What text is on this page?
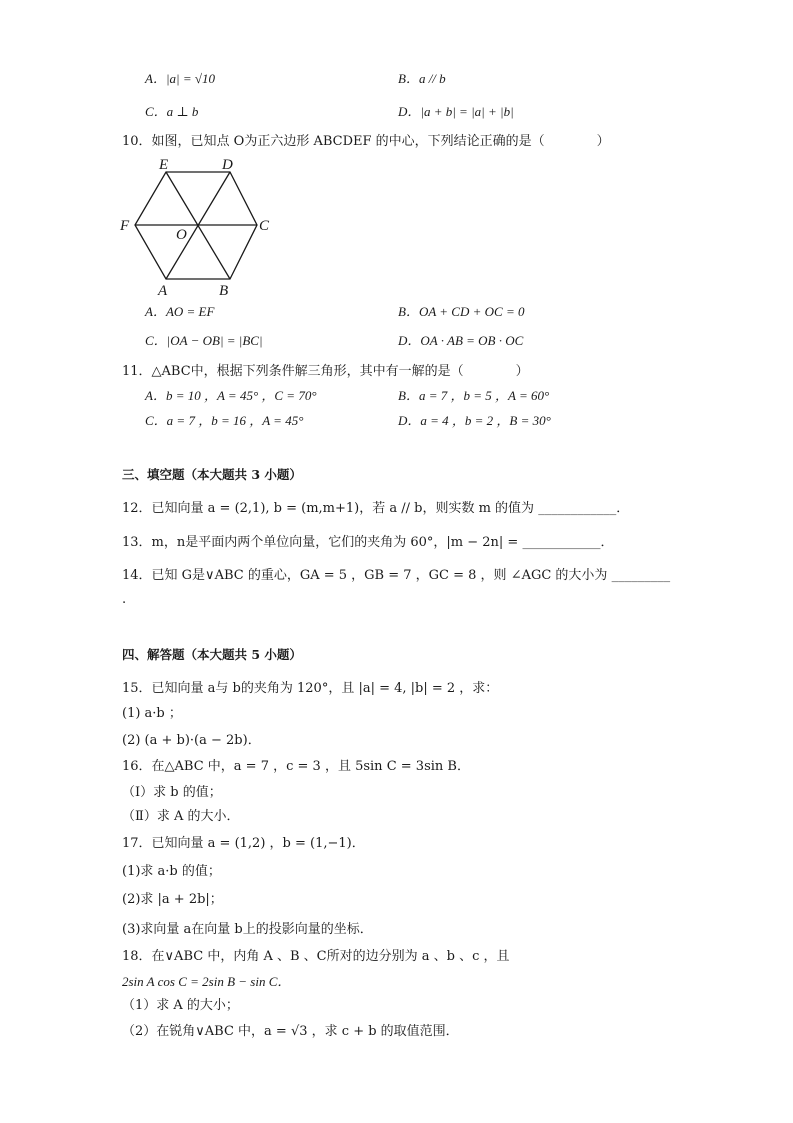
A．|a| = √10	B．a // b
C．a ⊥ b	D．|a + b| = |a| + |b|
10．如图，已知点 O为正六边形 ABCDEF 的中心，下列结论正确的是（　　　　）
E	D
F
O
C
A	B
A．AO = EF	B．OA + CD + OC = 0
C．|OA − OB| = |BC|	D．OA · AB = OB · OC
11．△ABC中，根据下列条件解三角形，其中有一解的是（　　　　）
A．b = 10 ，A = 45° ，C = 70°	B．a = 7 ，b = 5 ，A = 60°
C．a = 7 ，b = 16 ，A = 45°	D．a = 4 ，b = 2 ，B = 30°
三、填空题（本大题共 3 小题）
12．已知向量 a = (2,1), b = (m,m+1)，若 a // b，则实数 m 的值为 ____________．
13．m，n是平面内两个单位向量，它们的夹角为 60°，|m − 2n| = ____________．
14．已知 G是∨ABC 的重心，GA = 5 ，GB = 7 ，GC = 8 ，则 ∠AGC 的大小为 _________
.
四、解答题（本大题共 5 小题）
15．已知向量 a与 b的夹角为 120°，且 |a| = 4, |b| = 2 ，求：
(1) a·b ；
(2) (a + b)·(a − 2b)．
16．在△ABC 中，a = 7 ，c = 3 ，且 5sin C = 3sin B．
（Ⅰ）求 b 的值；
（Ⅱ）求 A 的大小．
17．已知向量 a = (1,2) ，b = (1,−1)．
(1)求 a·b 的值；
(2)求 |a + 2b|；
(3)求向量 a在向量 b上的投影向量的坐标．
18．在∨ABC 中，内角 A 、B 、C所对的边分别为 a 、b 、c ，且
2sin A cos C = 2sin B − sin C．
（1）求 A 的大小；
（2）在锐角∨ABC 中，a = √3 ，求 c + b 的取值范围．
